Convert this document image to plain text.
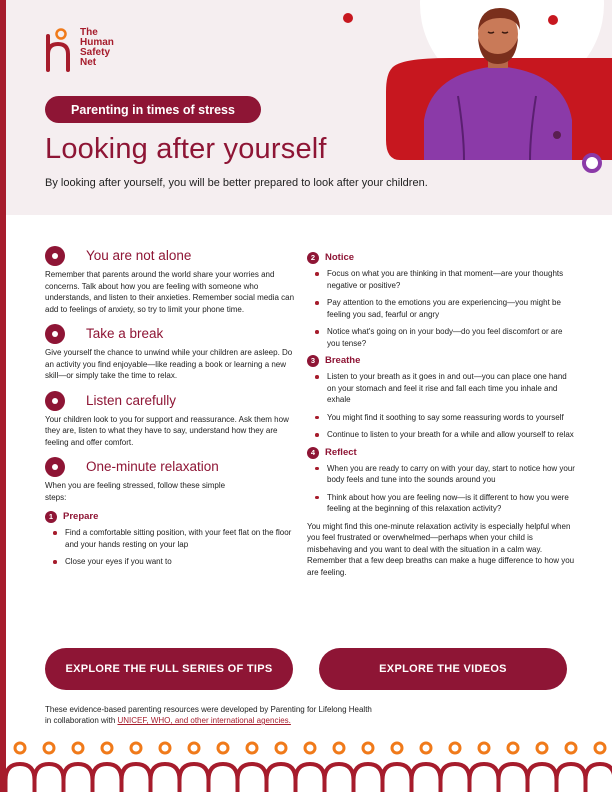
The
Human
Safety
Net
Parenting in times of stress
Looking after yourself
By looking after yourself, you will be better prepared to look after your children.
You are not alone

Remember that parents around the world share your worries and concerns. Talk about how you are feeling with someone who understands, and listen to their anxieties. Remember social media can add to feelings of anxiety, so try to limit your phone time.

Take a break

Give yourself the chance to unwind while your children are asleep. Do an activity you find enjoyable—like reading a book or learning a new skill—or simply take the time to relax.

Listen carefully

Your children look to you for support and reassurance. Ask them how they are, listen to what they have to say, understand how they are feeling and offer comfort.

One-minute relaxation

When you are feeling stressed, follow these simple steps:

1	Prepare
Find a comfortable sitting position, with your feet flat on the floor and your hands resting on your lap
Close your eyes if you want to
2	Notice
Focus on what you are thinking in that moment—are your thoughts negative or positive?
Pay attention to the emotions you are experiencing—you might be feeling you sad, fearful or angry
Notice what's going on in your body—do you feel discomfort or are you tense?
3	Breathe
Listen to your breath as it goes in and out—you can place one hand on your stomach and feel it rise and fall each time you inhale and exhale
You might find it soothing to say some reassuring words to yourself
Continue to listen to your breath for a while and allow yourself to relax
4	Reflect
When you are ready to carry on with your day, start to notice how your body feels and tune into the sounds around you
Think about how you are feeling now—is it different to how you were feeling at the beginning of this relaxation activity?

You might find this one-minute relaxation activity is especially helpful when you feel frustrated or overwhelmed—perhaps when your child is misbehaving and you want to deal with the situation in a calm way. Remember that a few deep breaths can make a huge difference to how you are feeling.

EXPLORE THE FULL SERIES OF TIPS	EXPLORE THE VIDEOS
These evidence-based parenting resources were developed by Parenting for Lifelong Health
in collaboration with UNICEF, WHO, and other international agencies.
